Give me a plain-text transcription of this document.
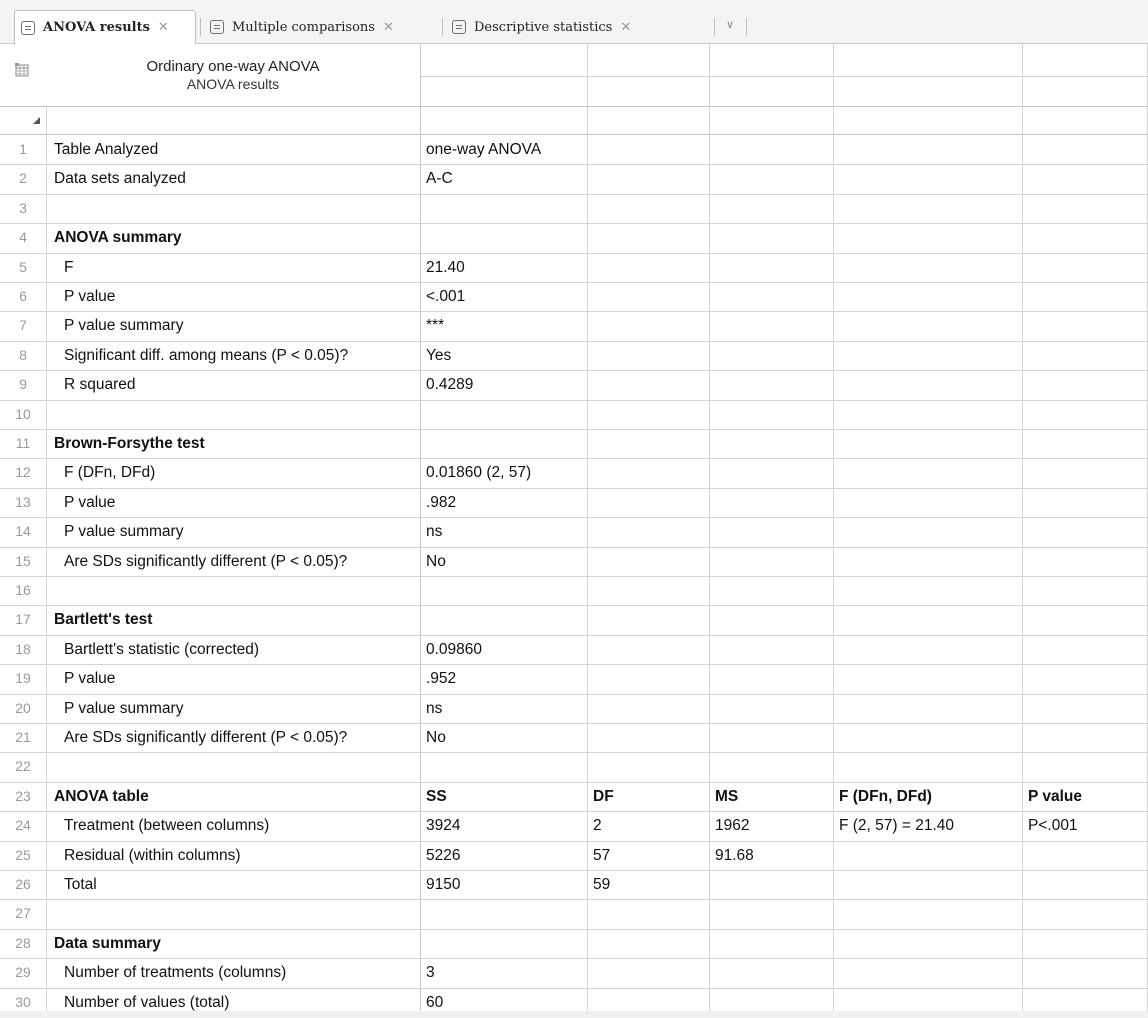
ANOVA results ✕	Multiple comparisons ✕	Descriptive statistics ✕	∨
Ordinary one-way ANOVA
ANOVA results
1	Table Analyzed	one-way ANOVA
2	Data sets analyzed	A-C
3
4	ANOVA summary
5	F	21.40
6	P value	<.001
7	P value summary	***
8	Significant diff. among means (P < 0.05)?	Yes
9	R squared	0.4289
10
11	Brown-Forsythe test
12	F (DFn, DFd)	0.01860 (2, 57)
13	P value	.982
14	P value summary	ns
15	Are SDs significantly different (P < 0.05)?	No
16
17	Bartlett's test
18	Bartlett's statistic (corrected)	0.09860
19	P value	.952
20	P value summary	ns
21	Are SDs significantly different (P < 0.05)?	No
22
23	ANOVA table	SS	DF	MS	F (DFn, DFd)	P value
24	Treatment (between columns)	3924	2	1962	F (2, 57) = 21.40	P<.001
25	Residual (within columns)	5226	57	91.68
26	Total	9150	59
27
28	Data summary
29	Number of treatments (columns)	3
30	Number of values (total)	60
